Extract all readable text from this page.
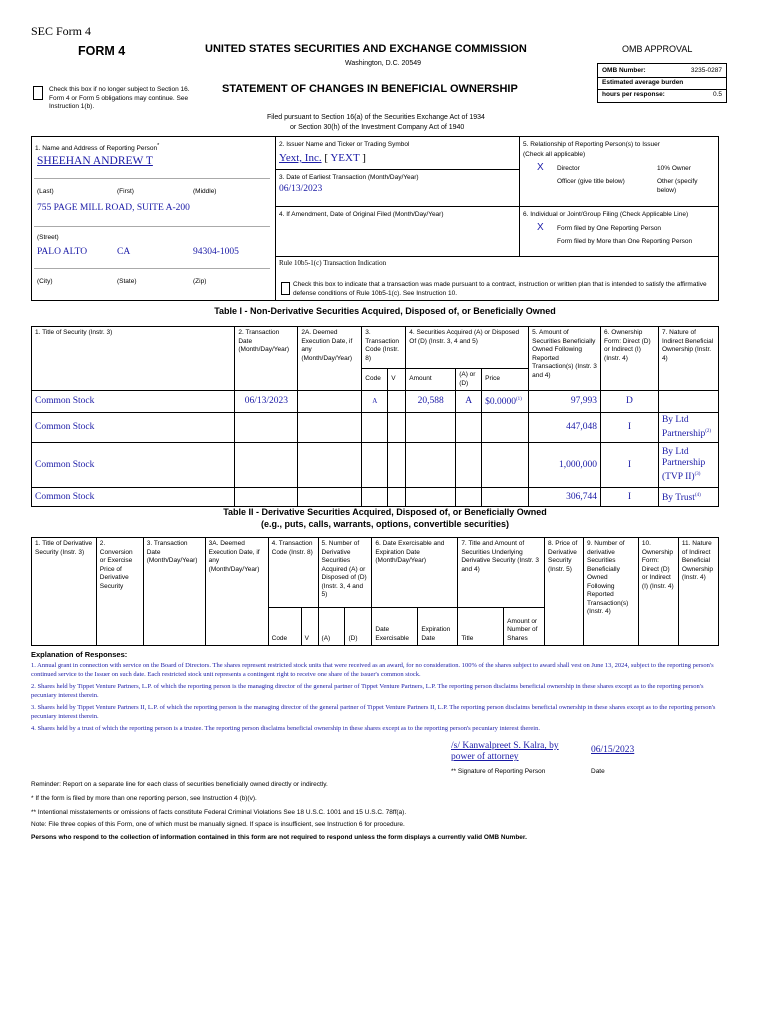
SEC Form 4
FORM 4	UNITED STATES SECURITIES AND EXCHANGE COMMISSION
Washington, D.C. 20549
Check this box if no longer subject to Section 16. Form 4 or Form 5 obligations may continue. See Instruction 1(b).
STATEMENT OF CHANGES IN BENEFICIAL OWNERSHIP
Filed pursuant to Section 16(a) of the Securities Exchange Act of 1934
or Section 30(h) of the Investment Company Act of 1940
OMB APPROVAL
OMB Number:	3235-0287
Estimated average burden
hours per response:	0.5
1. Name and Address of Reporting Person*
SHEEHAN ANDREW T
(Last)	(First)	(Middle)
755 PAGE MILL ROAD, SUITE A-200
(Street)
PALO ALTO	CA	94304-1005
(City)	(State)	(Zip)
2. Issuer Name and Ticker or Trading Symbol
Yext, Inc. [ YEXT ]
3. Date of Earliest Transaction (Month/Day/Year)
06/13/2023
4. If Amendment, Date of Original Filed (Month/Day/Year)
Rule 10b5-1(c) Transaction Indication
Check this box to indicate that a transaction was made pursuant to a contract, instruction or written plan that is intended to satisfy the affirmative defense conditions of Rule 10b5-1(c). See Instruction 10.
5. Relationship of Reporting Person(s) to Issuer
(Check all applicable)
X Director	10% Owner
Officer (give title below)	Other (specify below)
6. Individual or Joint/Group Filing (Check Applicable Line)
X Form filed by One Reporting Person
Form filed by More than One Reporting Person
Table I - Non-Derivative Securities Acquired, Disposed of, or Beneficially Owned
1. Title of Security (Instr. 3)	2. Transaction Date (Month/Day/Year)	2A. Deemed Execution Date, if any (Month/Day/Year)	3. Transaction Code (Instr. 8)		4. Securities Acquired (A) or Disposed Of (D) (Instr. 3, 4 and 5)			5. Amount of Securities Beneficially Owned Following Reported Transaction(s) (Instr. 3 and 4)	6. Ownership Form: Direct (D) or Indirect (I) (Instr. 4)	7. Nature of Indirect Beneficial Ownership (Instr. 4)
			Code	V	Amount	(A) or (D)	Price			
Common Stock	06/13/2023		A		20,588	A	$0.0000$^{(1)}$	97,993	D	
Common Stock								447,048	I	By Ltd Partnership$^{(2)}$
Common Stock								1,000,000	I	By Ltd Partnership (TVP II)$^{(3)}$
Common Stock								306,744	I	By Trust$^{(4)}$
Table II - Derivative Securities Acquired, Disposed of, or Beneficially Owned
(e.g., puts, calls, warrants, options, convertible securities)
1. Title of Derivative Security (Instr. 3)	2. Conversion or Exercise Price of Derivative Security	3. Transaction Date (Month/Day/Year)	3A. Deemed Execution Date, if any (Month/Day/Year)	4. Transaction Code (Instr. 8)		5. Number of Derivative Securities Acquired (A) or Disposed of (D) (Instr. 3, 4 and 5)		6. Date Exercisable and Expiration Date (Month/Day/Year)		7. Title and Amount of Securities Underlying Derivative Security (Instr. 3 and 4)		8. Price of Derivative Security (Instr. 5)	9. Number of derivative Securities Beneficially Owned Following Reported Transaction(s) (Instr. 4)	10. Ownership Form: Direct (D) or Indirect (I) (Instr. 4)	11. Nature of Indirect Beneficial Ownership (Instr. 4)
				Code	V	(A)	(D)	Date Exercisable	Expiration Date	Title	Amount or Number of Shares				
Explanation of Responses:
1. Annual grant in connection with service on the Board of Directors. The shares represent restricted stock units that were received as an award, for no consideration. 100% of the shares subject to award shall vest on June 13, 2024, subject to the reporting person's continued service to the Issuer on such date. Each restricted stock unit represents a contingent right to receive one share of the issuer's common stock.
2. Shares held by Tippet Venture Partners, L.P. of which the reporting person is the managing director of the general partner of Tippet Venture Partners, L.P. The reporting person disclaims beneficial ownership in these shares except as to the reporting person's pecuniary interest therein.
3. Shares held by Tippet Venture Partners II, L.P. of which the reporting person is the managing director of the general partner of Tippet Venture Partners II, L.P. The reporting person disclaims beneficial ownership in these shares except as to the reporting person's pecuniary interest therein.
4. Shares held by a trust of which the reporting person is a trustee. The reporting person disclaims beneficial ownership in these shares except as to the reporting person's pecuniary interest therein.
/s/ Kanwalpreet S. Kalra, by power of attorney
06/15/2023
** Signature of Reporting Person	Date
Reminder: Report on a separate line for each class of securities beneficially owned directly or indirectly.
* If the form is filed by more than one reporting person, see Instruction 4 (b)(v).
** Intentional misstatements or omissions of facts constitute Federal Criminal Violations See 18 U.S.C. 1001 and 15 U.S.C. 78ff(a).
Note: File three copies of this Form, one of which must be manually signed. If space is insufficient, see Instruction 6 for procedure.
Persons who respond to the collection of information contained in this form are not required to respond unless the form displays a currently valid OMB Number.
